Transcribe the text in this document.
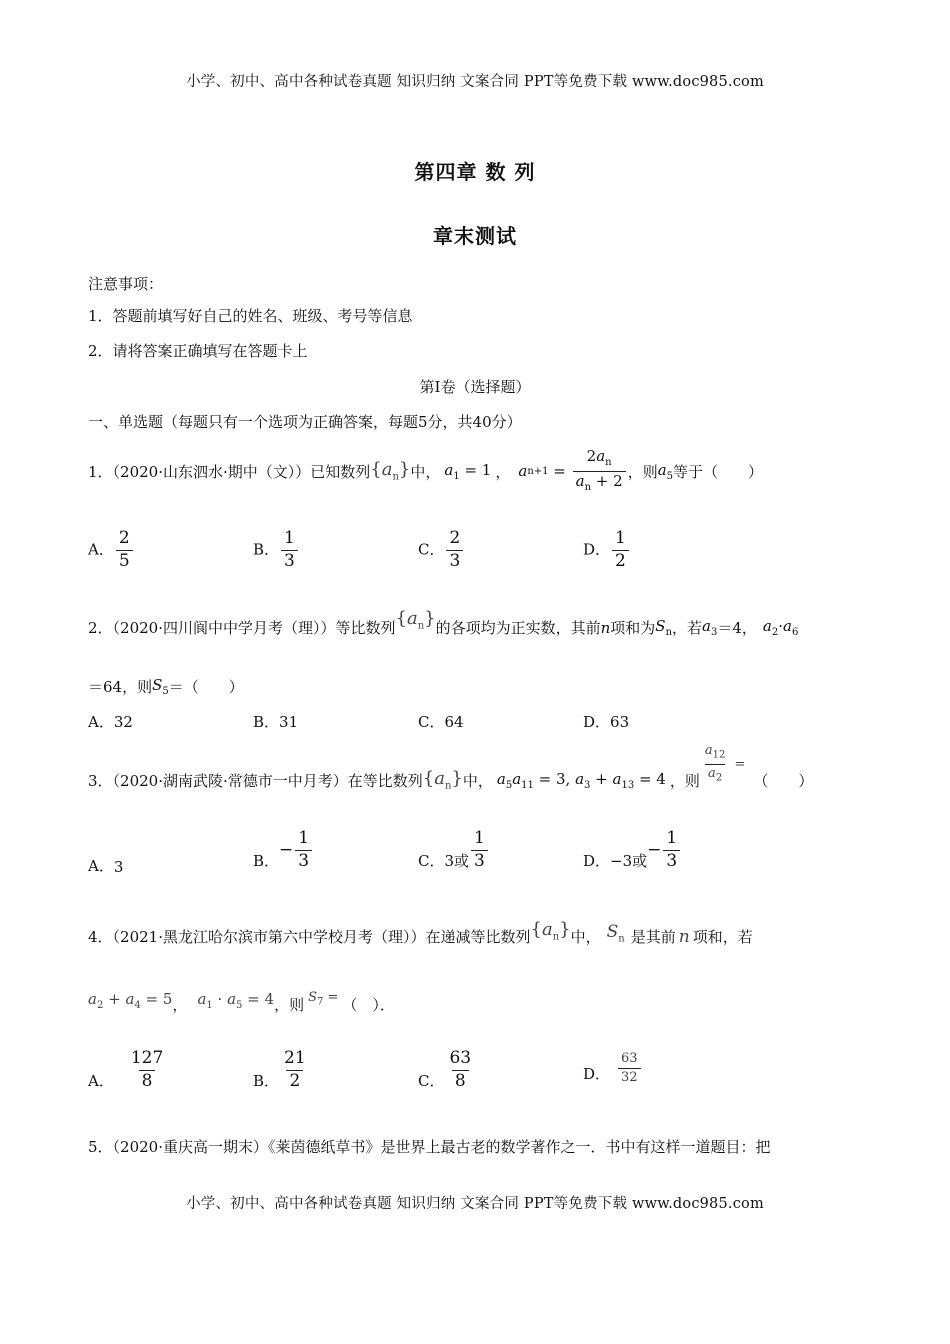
小学、初中、高中各种试卷真题 知识归纳 文案合同 PPT等免费下载 www.doc985.com
第四章 数 列
章末测试
注意事项：
1．答题前填写好自己的姓名、班级、考号等信息
2．请将答案正确填写在答题卡上
第I卷（选择题）
一、单选题（每题只有一个选项为正确答案，每题5分，共40分）
1．（2020·山东泗水·期中（文））已知数列 $\{a_n\}$ 中， $a_1 = 1$ ， a $n+1 = \frac{2a_n}{a_n + 2}$ ，则 $a_5$ 等于（　　）
A． $\frac{2}{5}$	B． $\frac{1}{3}$	C． $\frac{2}{3}$	D． $\frac{1}{2}$
2．（2020·四川阆中中学月考（理））等比数列 $\{a_n\}$ 的各项均为正实数，其前 n 项和为 $S_n$ ，若 $a_3 =4$， $a_2\cdot a_6$
＝64，则 $S_5$ ＝（　　）
A．32	B．31	C．64	D．63
3．（2020·湖南武陵·常德市一中月考）在等比数列 $\{a_n\}$ 中， $a_5a_{11} = 3$, $a_3 + a_{13} = 4$ ，则 $\frac{a_{12}}{a_2}$ =
（　　）
A． 3	B．
− $\frac{1}{3}$	C． 3或 $\frac{1}{3}$	D． −3或
− $\frac{1}{3}$
4．（2021·黑龙江哈尔滨市第六中学校月考（理））在递减等比数列 $\{a_n\}$ 中， $S_n$ 是其前 n 项和，若
$a_2 + a_4 = 5$ ， $a_1 \cdot a_5 = 4$ ，则 $S_7$ = （　）．
A． $\frac{127}{8}$	B． $\frac{21}{2}$	C． $\frac{63}{8}$	D． $\frac{63}{32}$
5．（2020·重庆高一期末）《莱茵德纸草书》是世界上最古老的数学著作之一．书中有这样一道题目：把
小学、初中、高中各种试卷真题 知识归纳 文案合同 PPT等免费下载 www.doc985.com
